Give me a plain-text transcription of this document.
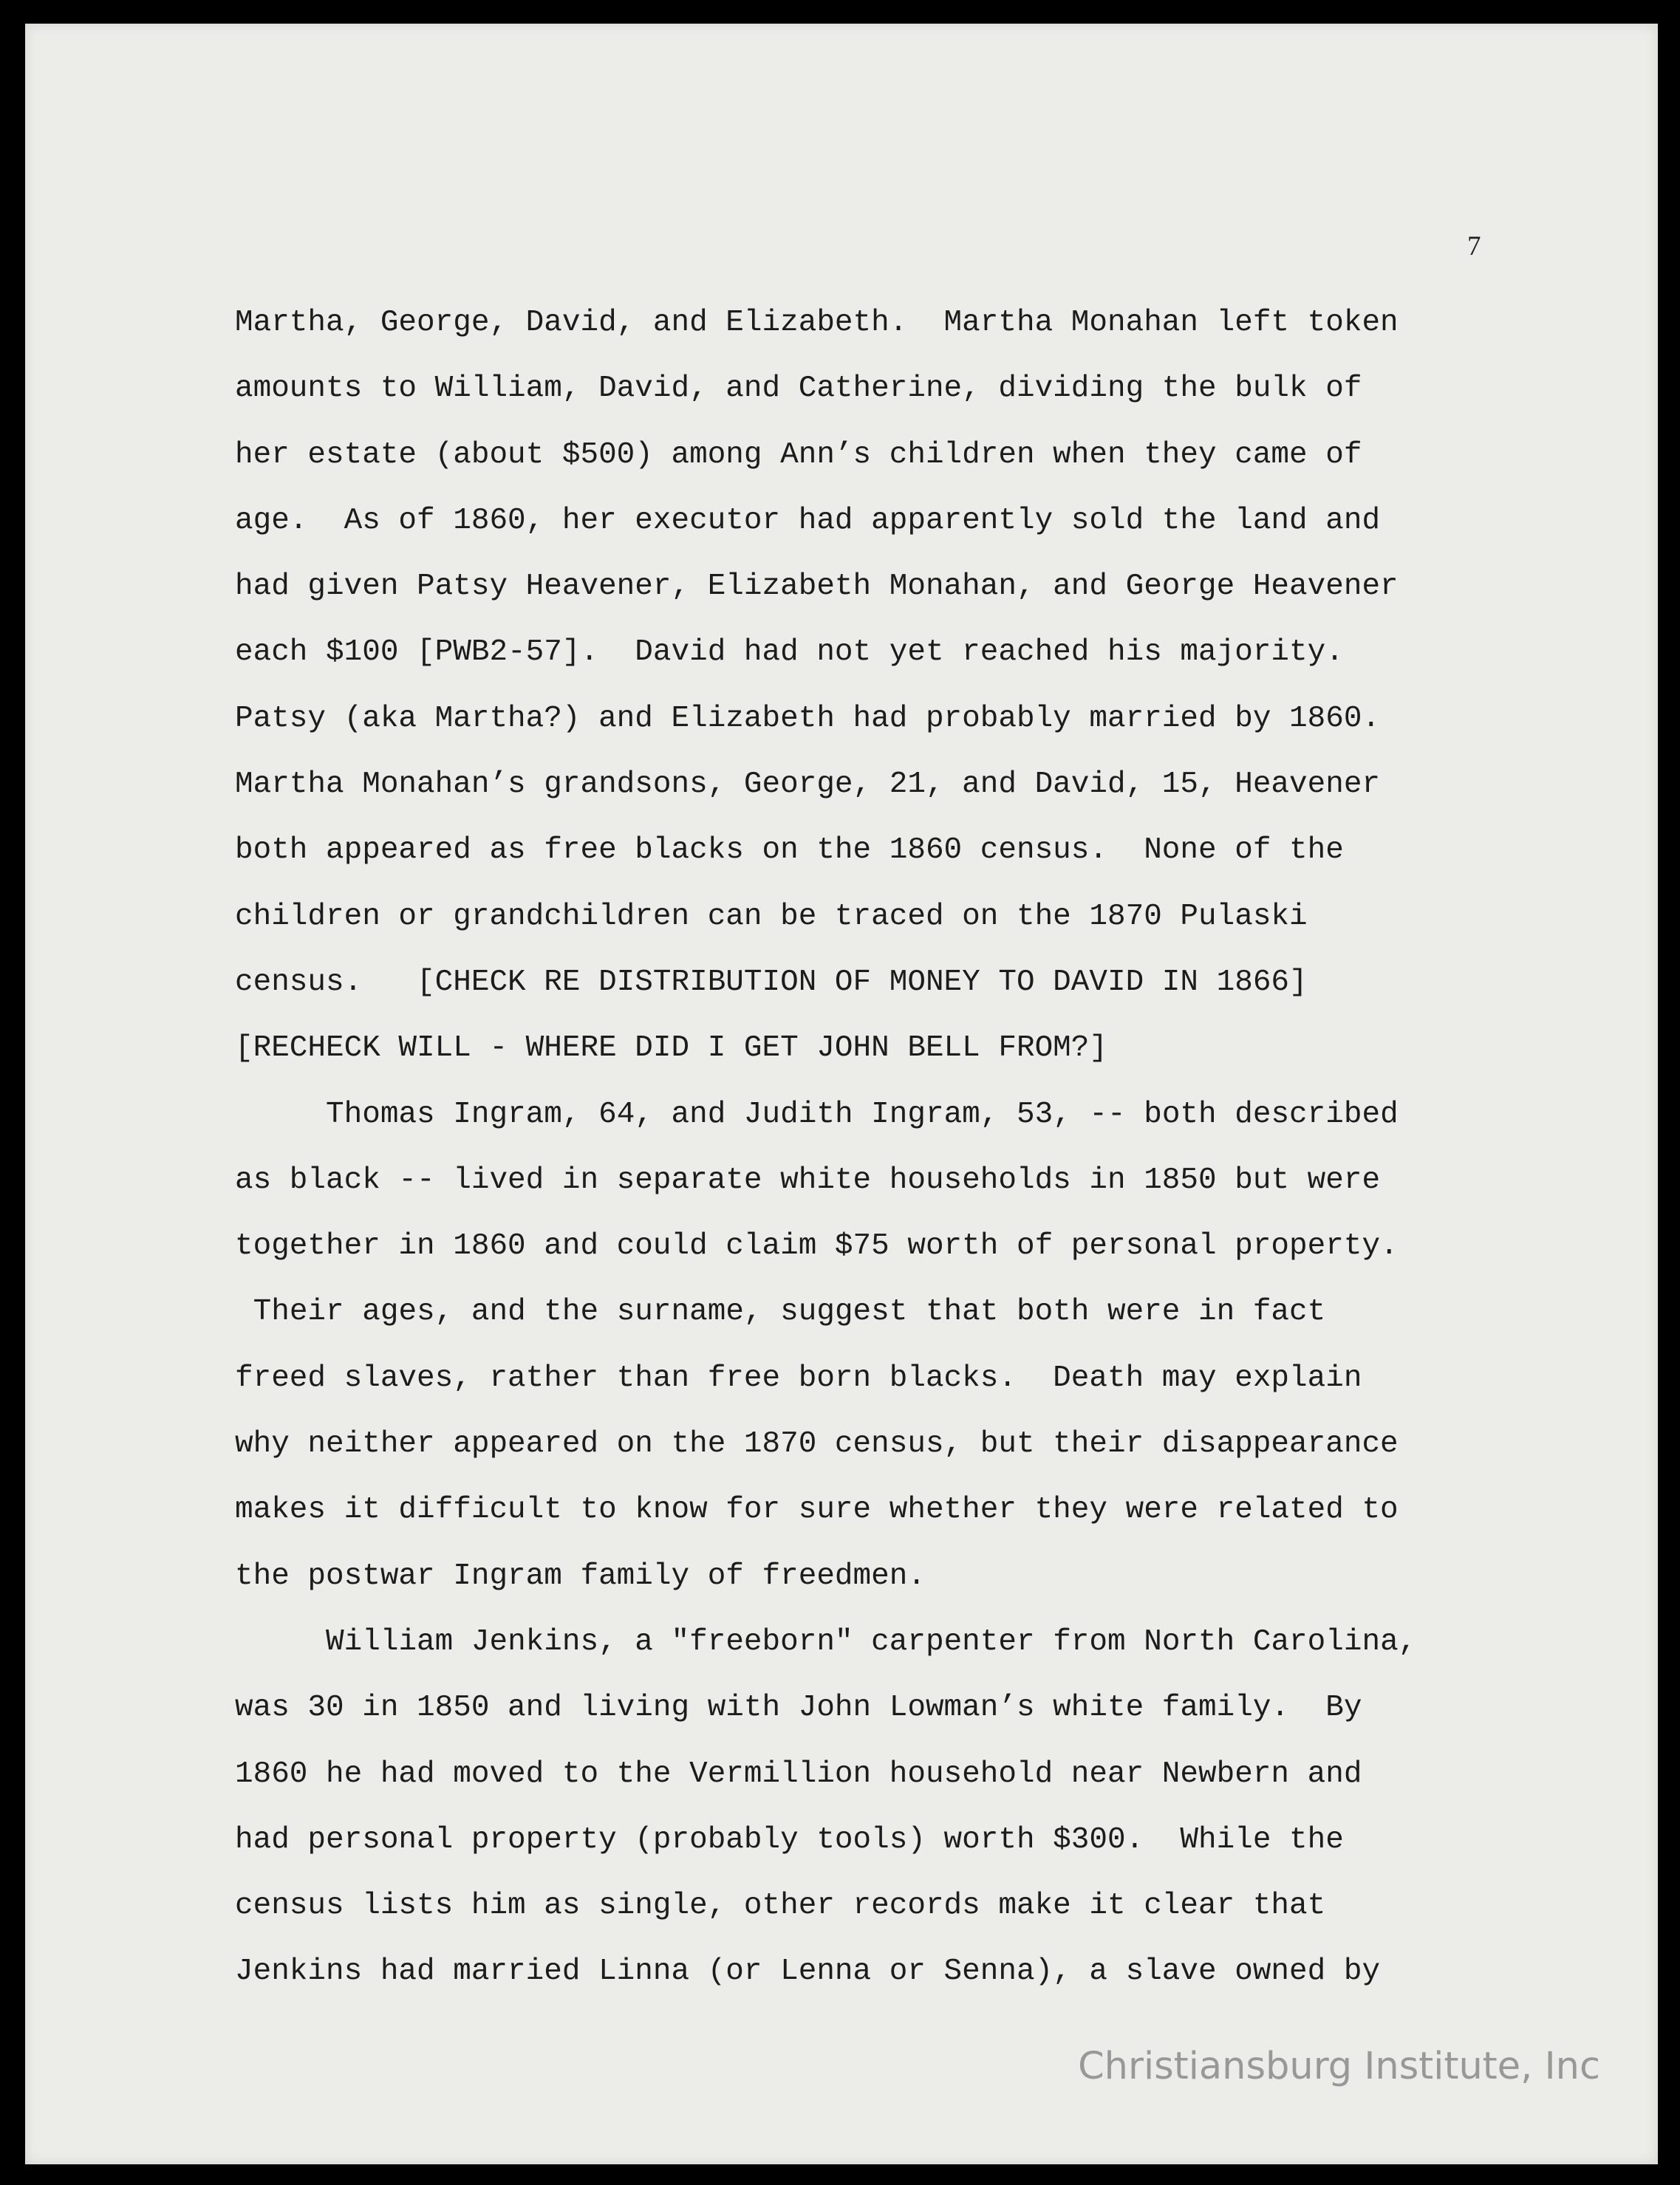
7

Martha, George, David, and Elizabeth.  Martha Monahan left token
amounts to William, David, and Catherine, dividing the bulk of
her estate (about $500) among Ann’s children when they came of
age.  As of 1860, her executor had apparently sold the land and
had given Patsy Heavener, Elizabeth Monahan, and George Heavener
each $100 [PWB2-57].  David had not yet reached his majority.
Patsy (aka Martha?) and Elizabeth had probably married by 1860.
Martha Monahan’s grandsons, George, 21, and David, 15, Heavener
both appeared as free blacks on the 1860 census.  None of the
children or grandchildren can be traced on the 1870 Pulaski
census.   [CHECK RE DISTRIBUTION OF MONEY TO DAVID IN 1866]
[RECHECK WILL - WHERE DID I GET JOHN BELL FROM?]

Thomas Ingram, 64, and Judith Ingram, 53, -- both described
as black -- lived in separate white households in 1850 but were
together in 1860 and could claim $75 worth of personal property.
Their ages, and the surname, suggest that both were in fact
freed slaves, rather than free born blacks.  Death may explain
why neither appeared on the 1870 census, but their disappearance
makes it difficult to know for sure whether they were related to
the postwar Ingram family of freedmen.

William Jenkins, a "freeborn" carpenter from North Carolina,
was 30 in 1850 and living with John Lowman’s white family.  By
1860 he had moved to the Vermillion household near Newbern and
had personal property (probably tools) worth $300.  While the
census lists him as single, other records make it clear that
Jenkins had married Linna (or Lenna or Senna), a slave owned by

Christiansburg Institute, Inc
